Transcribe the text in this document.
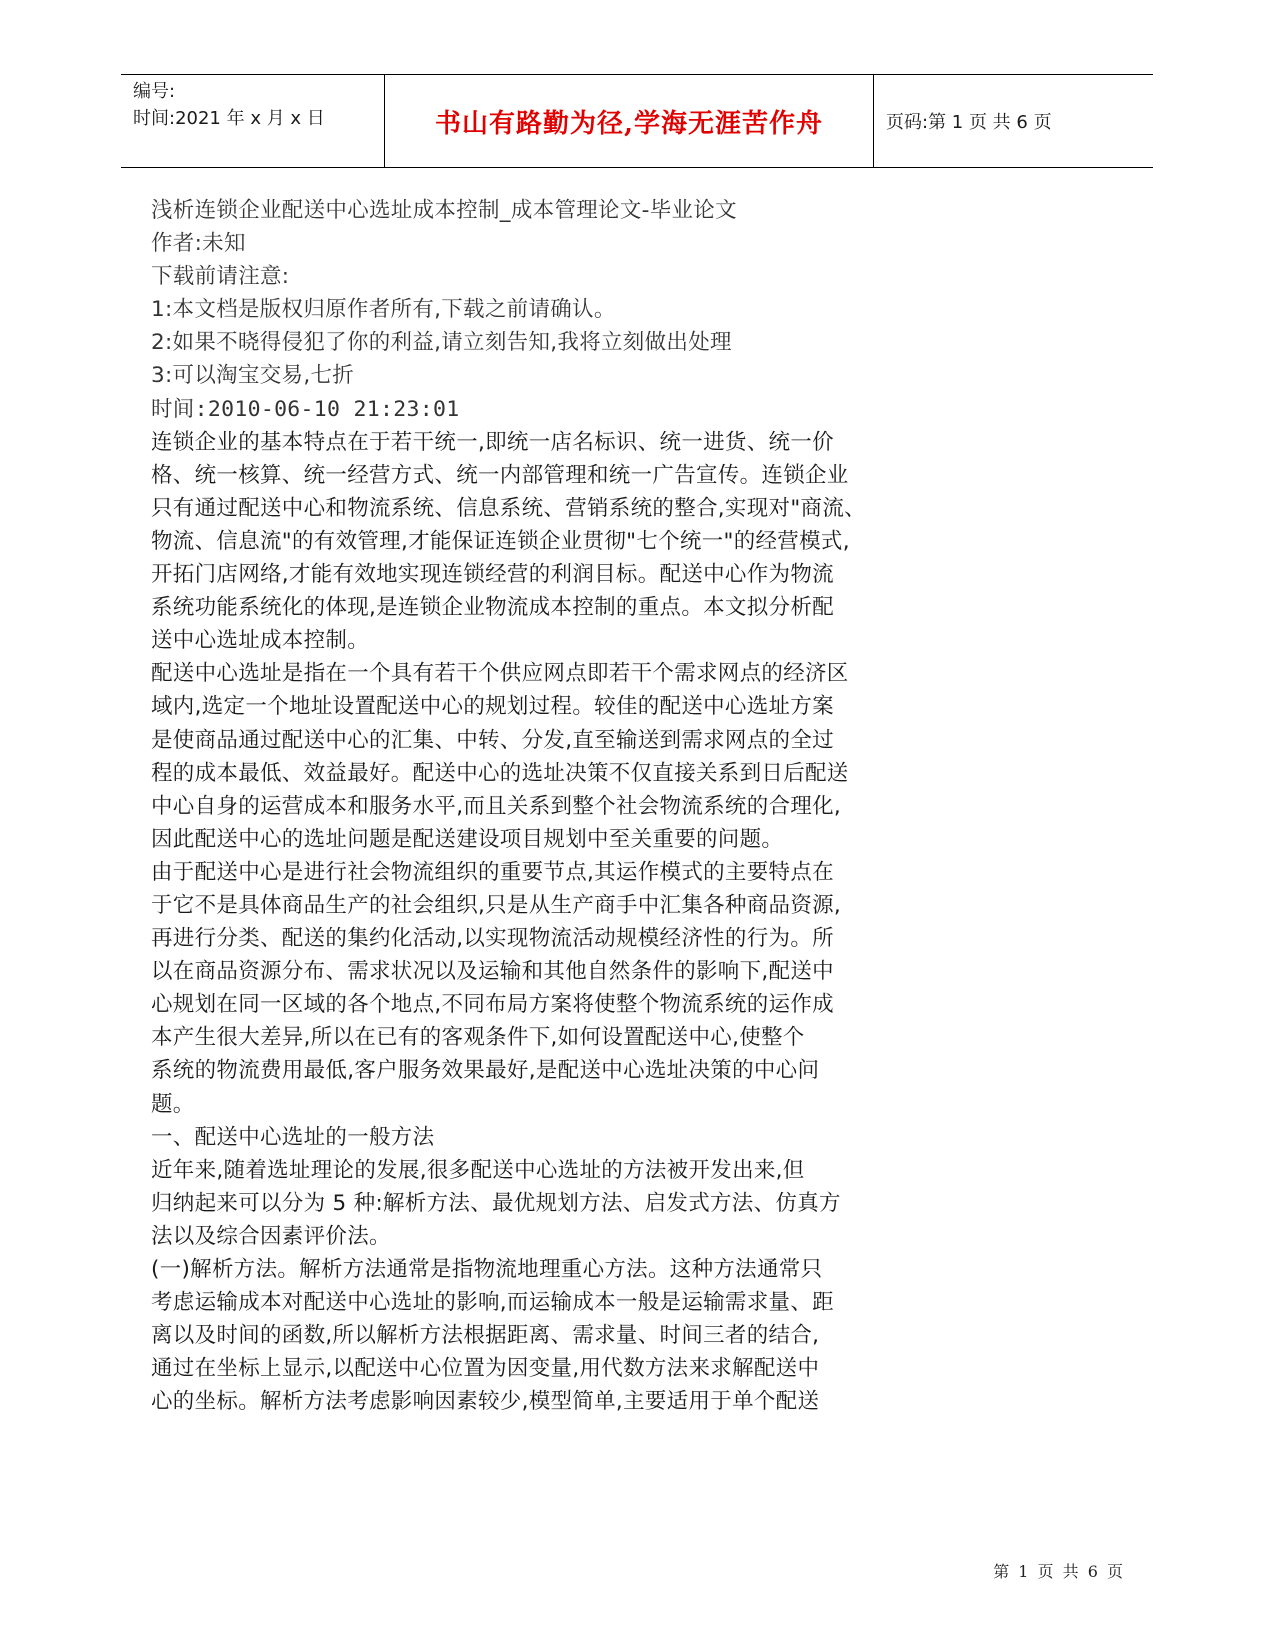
编号:
时间:2021 年 x 月 x 日	书山有路勤为径,学海无涯苦作舟	页码:第 1 页 共 6 页
浅析连锁企业配送中心选址成本控制_成本管理论文-毕业论文
作者:未知
下载前请注意:
1:本文档是版权归原作者所有,下载之前请确认。
2:如果不晓得侵犯了你的利益,请立刻告知,我将立刻做出处理
3:可以淘宝交易,七折
时间:2010-06-10 21:23:01
连锁企业的基本特点在于若干统一,即统一店名标识、统一进货、统一价
格、统一核算、统一经营方式、统一内部管理和统一广告宣传。连锁企业
只有通过配送中心和物流系统、信息系统、营销系统的整合,实现对"商流、
物流、信息流"的有效管理,才能保证连锁企业贯彻"七个统一"的经营模式,
开拓门店网络,才能有效地实现连锁经营的利润目标。配送中心作为物流
系统功能系统化的体现,是连锁企业物流成本控制的重点。本文拟分析配
送中心选址成本控制。
配送中心选址是指在一个具有若干个供应网点即若干个需求网点的经济区
域内,选定一个地址设置配送中心的规划过程。较佳的配送中心选址方案
是使商品通过配送中心的汇集、中转、分发,直至输送到需求网点的全过
程的成本最低、效益最好。配送中心的选址决策不仅直接关系到日后配送
中心自身的运营成本和服务水平,而且关系到整个社会物流系统的合理化,
因此配送中心的选址问题是配送建设项目规划中至关重要的问题。
由于配送中心是进行社会物流组织的重要节点,其运作模式的主要特点在
于它不是具体商品生产的社会组织,只是从生产商手中汇集各种商品资源,
再进行分类、配送的集约化活动,以实现物流活动规模经济性的行为。所
以在商品资源分布、需求状况以及运输和其他自然条件的影响下,配送中
心规划在同一区域的各个地点,不同布局方案将使整个物流系统的运作成
本产生很大差异,所以在已有的客观条件下,如何设置配送中心,使整个
系统的物流费用最低,客户服务效果最好,是配送中心选址决策的中心问
题。
一、配送中心选址的一般方法
近年来,随着选址理论的发展,很多配送中心选址的方法被开发出来,但
归纳起来可以分为 5 种:解析方法、最优规划方法、启发式方法、仿真方
法以及综合因素评价法。
(一)解析方法。解析方法通常是指物流地理重心方法。这种方法通常只
考虑运输成本对配送中心选址的影响,而运输成本一般是运输需求量、距
离以及时间的函数,所以解析方法根据距离、需求量、时间三者的结合,
通过在坐标上显示,以配送中心位置为因变量,用代数方法来求解配送中
心的坐标。解析方法考虑影响因素较少,模型简单,主要适用于单个配送
第 1 页 共 6 页
